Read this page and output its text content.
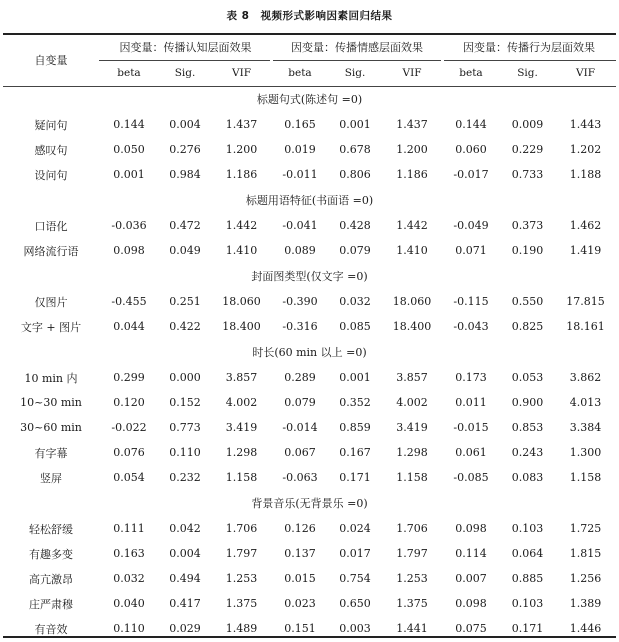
表 8　视频形式影响因素回归结果
自变量	因变量：传播认知层面效果			因变量：传播情感层面效果			因变量：传播行为层面效果		
	beta	Sig.	VIF	beta	Sig.	VIF	beta	Sig.	VIF
标题句式(陈述句 =0)									
疑问句	0.144	0.004	1.437	0.165	0.001	1.437	0.144	0.009	1.443
感叹句	0.050	0.276	1.200	0.019	0.678	1.200	0.060	0.229	1.202
设问句	0.001	0.984	1.186	-0.011	0.806	1.186	-0.017	0.733	1.188
标题用语特征(书面语 =0)									
口语化	-0.036	0.472	1.442	-0.041	0.428	1.442	-0.049	0.373	1.462
网络流行语	0.098	0.049	1.410	0.089	0.079	1.410	0.071	0.190	1.419
封面图类型(仅文字 =0)									
仅图片	-0.455	0.251	18.060	-0.390	0.032	18.060	-0.115	0.550	17.815
文字 + 图片	0.044	0.422	18.400	-0.316	0.085	18.400	-0.043	0.825	18.161
时长(60 min 以上 =0)									
10 min 内	0.299	0.000	3.857	0.289	0.001	3.857	0.173	0.053	3.862
10~30 min	0.120	0.152	4.002	0.079	0.352	4.002	0.011	0.900	4.013
30~60 min	-0.022	0.773	3.419	-0.014	0.859	3.419	-0.015	0.853	3.384
有字幕	0.076	0.110	1.298	0.067	0.167	1.298	0.061	0.243	1.300
竖屏	0.054	0.232	1.158	-0.063	0.171	1.158	-0.085	0.083	1.158
背景音乐(无背景乐 =0)									
轻松舒缓	0.111	0.042	1.706	0.126	0.024	1.706	0.098	0.103	1.725
有趣多变	0.163	0.004	1.797	0.137	0.017	1.797	0.114	0.064	1.815
高亢激昂	0.032	0.494	1.253	0.015	0.754	1.253	0.007	0.885	1.256
庄严肃穆	0.040	0.417	1.375	0.023	0.650	1.375	0.098	0.103	1.389
有音效	0.110	0.029	1.489	0.151	0.003	1.441	0.075	0.171	1.446
